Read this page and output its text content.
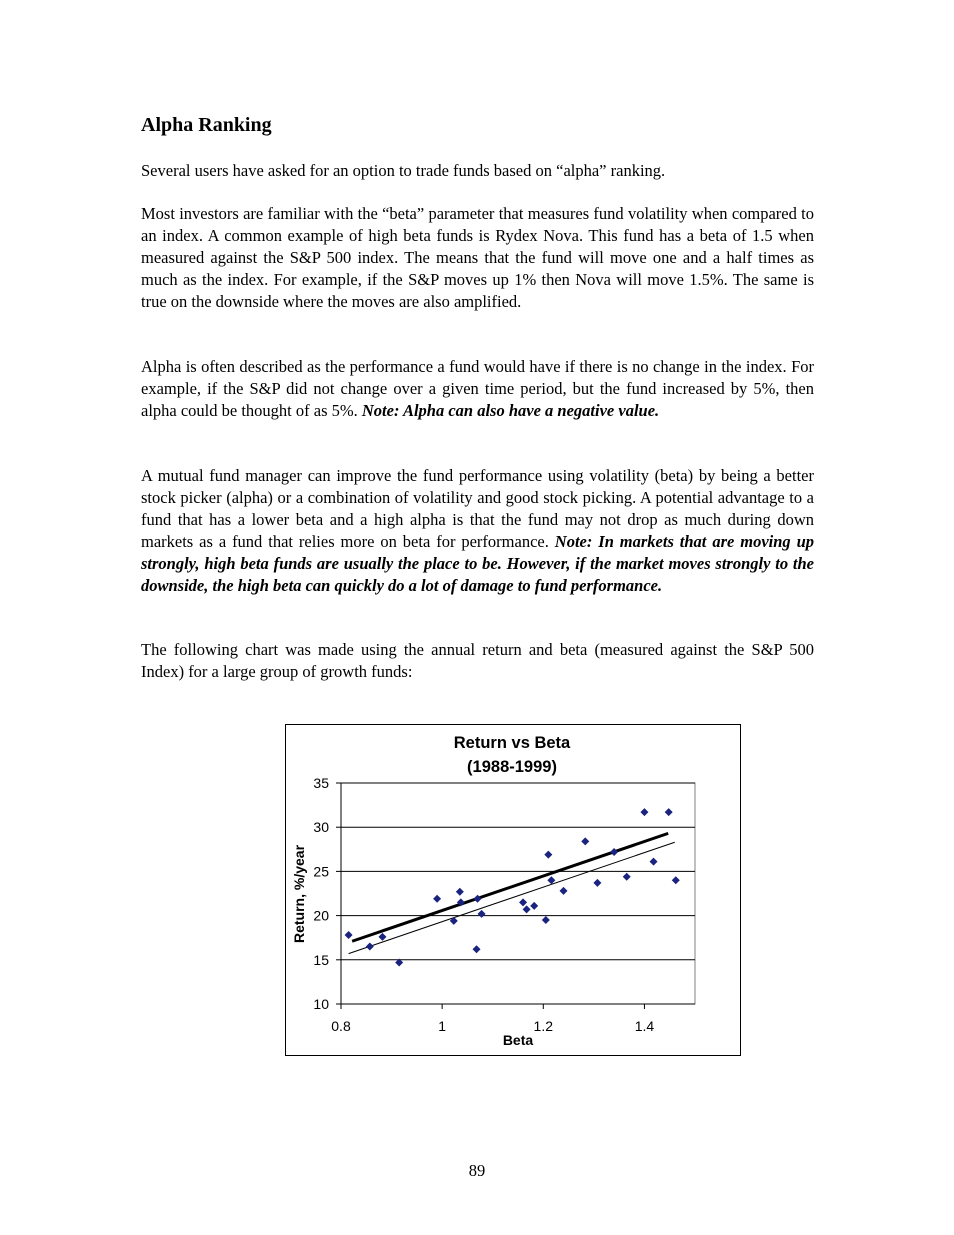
Alpha Ranking

Several users have asked for an option to trade funds based on “alpha” ranking.

Most investors are familiar with the “beta” parameter that measures fund volatility when compared to an index. A common example of high beta funds is Rydex Nova. This fund has a beta of 1.5 when measured against the S&P 500 index. The means that the fund will move one and a half times as much as the index. For example, if the S&P moves up 1% then Nova will move 1.5%. The same is true on the downside where the moves are also amplified.

Alpha is often described as the performance a fund would have if there is no change in the index. For example, if the S&P did not change over a given time period, but the fund increased by 5%, then alpha could be thought of as 5%. Note: Alpha can also have a negative value.

A mutual fund manager can improve the fund performance using volatility (beta) by being a better stock picker (alpha) or a combination of volatility and good stock picking. A potential advantage to a fund that has a lower beta and a high alpha is that the fund may not drop as much during down markets as a fund that relies more on beta for performance. Note: In markets that are moving up strongly, high beta funds are usually the place to be. However, if the market moves strongly to the downside, the high beta can quickly do a lot of damage to fund performance.

The following chart was made using the annual return and beta (measured against the S&P 500 Index) for a large group of growth funds:

Return vs Beta
(1988-1999)
10
15
20
25
30
35
0.8	1	1.2	1.4
Beta
Return, %/year
89
